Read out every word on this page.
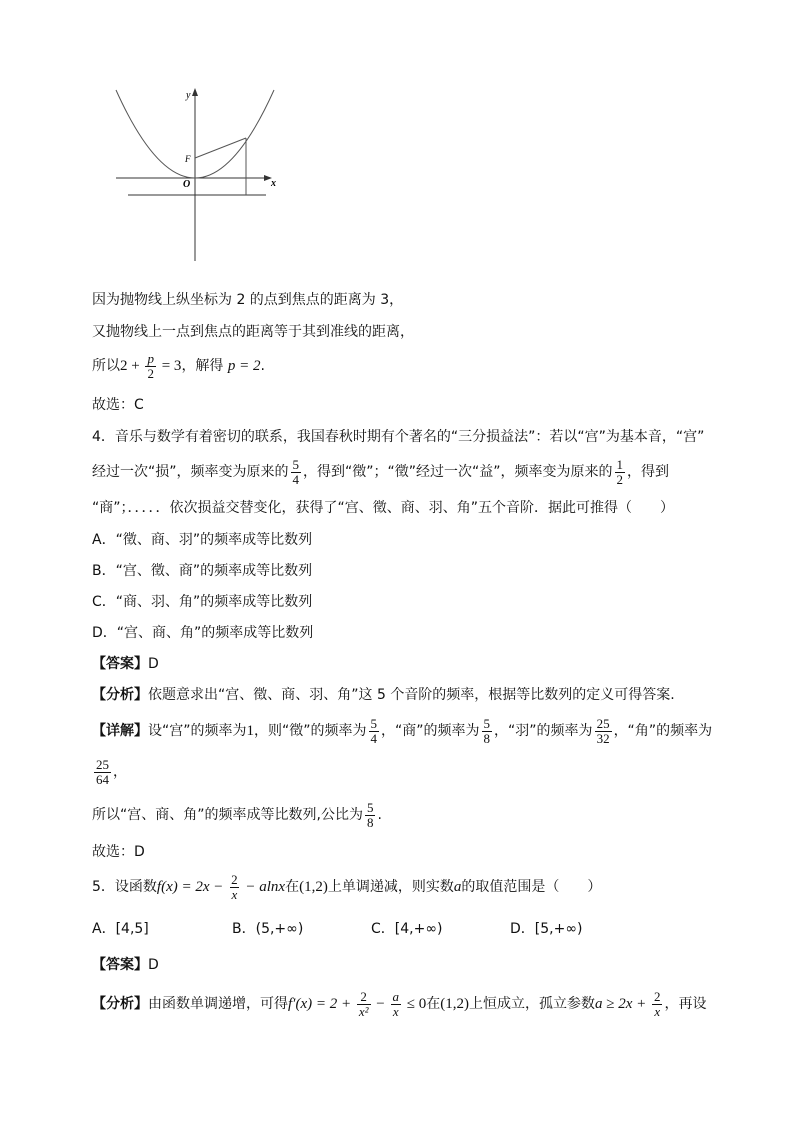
y
x
O
F
因为抛物线上纵坐标为 2 的点到焦点的距离为 3，
又抛物线上一点到焦点的距离等于其到准线的距离，
所以$2 + \frac{p}{2} = 3$，解得 p = 2.
故选：C
4．音乐与数学有着密切的联系，我国春秋时期有个著名的“三分损益法”：若以“宫”为基本音，“宫”
经过一次“损”，频率变为原来的 $\frac{5}{4}$ ，得到“徵”；“徵”经过一次“益”，频率变为原来的 $\frac{1}{2}$ ，得到
“商”；．．．．．依次损益交替变化，获得了“宫、徵、商、羽、角”五个音阶．据此可推得（　　）
A．“徵、商、羽”的频率成等比数列
B．“宫、徵、商”的频率成等比数列
C．“商、羽、角”的频率成等比数列
D．“宫、商、角”的频率成等比数列
【答案】D
【分析】依题意求出“宫、徵、商、羽、角”这 5 个音阶的频率，根据等比数列的定义可得答案.
【详解】设“宫”的频率为1，则“徵”的频率为 $\frac{5}{4}$ ，“商”的频率为 $\frac{5}{8}$ ，“羽”的频率为 $\frac{25}{32}$ ，“角”的频率为
$\frac{25}{64}$ ，
所以“宫、商、角”的频率成等比数列,公比为 $\frac{5}{8}$ .
故选：D
5．设函数$f(x) = 2x - \frac{2}{x} - alnx$在(1,2)上单调递减，则实数a的取值范围是（　　）
A．[4,5]	B．(5,+∞)	C．[4,+∞)	D．[5,+∞)
【答案】D
【分析】由函数单调递增，可得$f'(x) = 2 + \frac{2}{\text{x²}} - \frac{a}{x} \le 0$在(1,2)上恒成立，孤立参数$a \ge 2x + \frac{2}{x}$ ，再设
